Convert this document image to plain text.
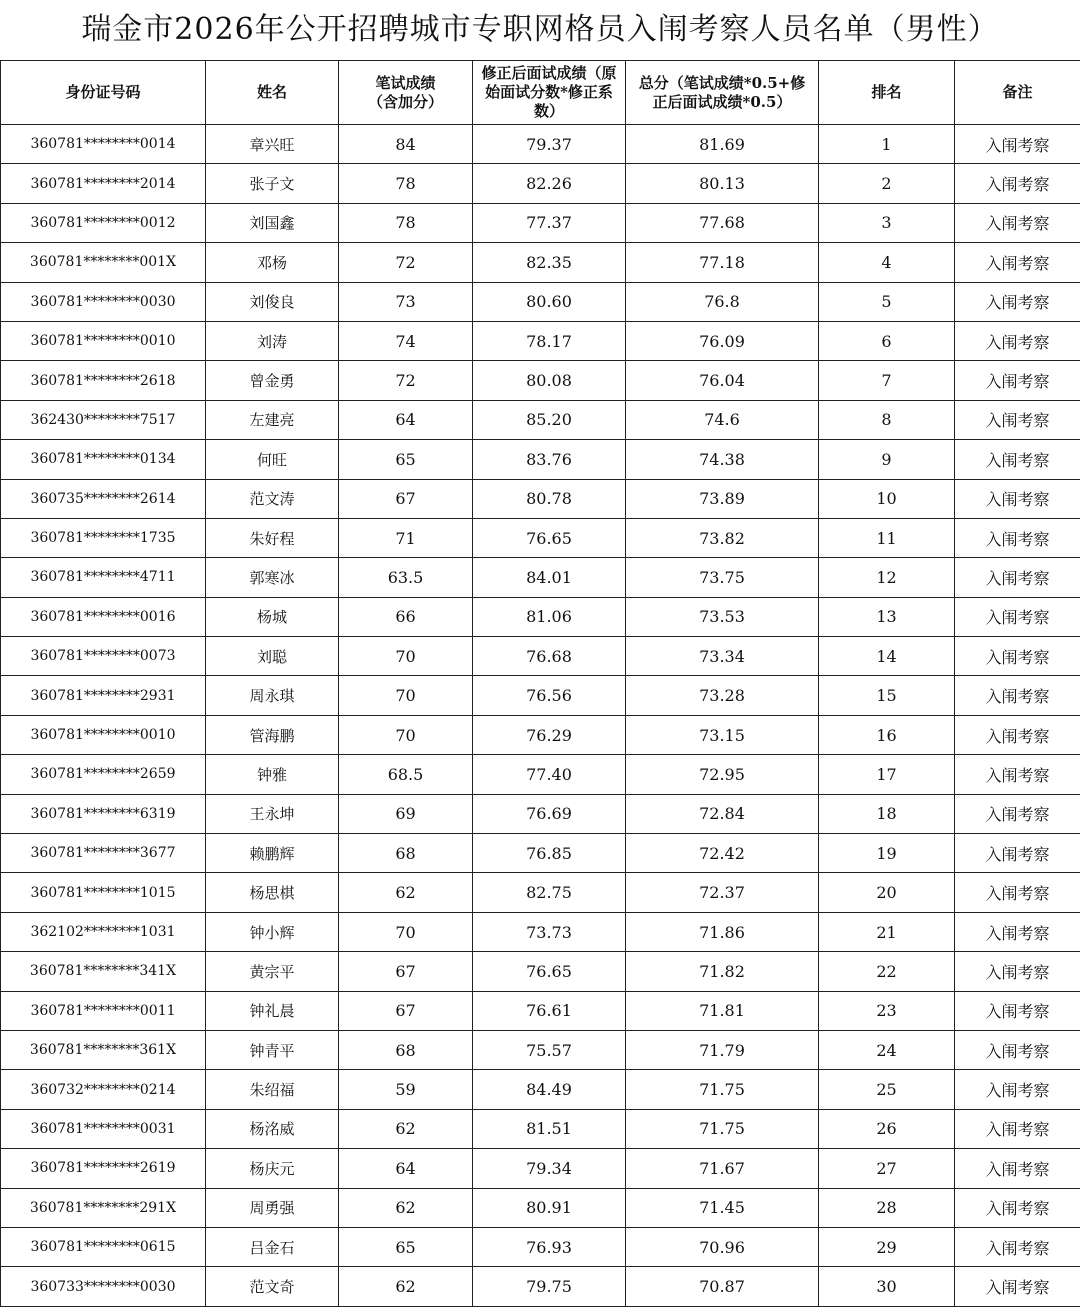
瑞金市2026年公开招聘城市专职网格员入闱考察人员名单（男性）
身份证号码	姓名	笔试成绩（含加分）	修正后面试成绩（原始面试分数*修正系数）	总分（笔试成绩*0.5+修正后面试成绩*0.5）	排名	备注
360781********0014	章兴旺	84	79.37	81.69	1	入闱考察
360781********2014	张子文	78	82.26	80.13	2	入闱考察
360781********0012	刘国鑫	78	77.37	77.68	3	入闱考察
360781********001X	邓杨	72	82.35	77.18	4	入闱考察
360781********0030	刘俊良	73	80.60	76.8	5	入闱考察
360781********0010	刘涛	74	78.17	76.09	6	入闱考察
360781********2618	曾金勇	72	80.08	76.04	7	入闱考察
362430********7517	左建亮	64	85.20	74.6	8	入闱考察
360781********0134	何旺	65	83.76	74.38	9	入闱考察
360735********2614	范文涛	67	80.78	73.89	10	入闱考察
360781********1735	朱好程	71	76.65	73.82	11	入闱考察
360781********4711	郭寒冰	63.5	84.01	73.75	12	入闱考察
360781********0016	杨城	66	81.06	73.53	13	入闱考察
360781********0073	刘聪	70	76.68	73.34	14	入闱考察
360781********2931	周永琪	70	76.56	73.28	15	入闱考察
360781********0010	管海鹏	70	76.29	73.15	16	入闱考察
360781********2659	钟雅	68.5	77.40	72.95	17	入闱考察
360781********6319	王永坤	69	76.69	72.84	18	入闱考察
360781********3677	赖鹏辉	68	76.85	72.42	19	入闱考察
360781********1015	杨思棋	62	82.75	72.37	20	入闱考察
362102********1031	钟小辉	70	73.73	71.86	21	入闱考察
360781********341X	黄宗平	67	76.65	71.82	22	入闱考察
360781********0011	钟礼晨	67	76.61	71.81	23	入闱考察
360781********361X	钟青平	68	75.57	71.79	24	入闱考察
360732********0214	朱绍福	59	84.49	71.75	25	入闱考察
360781********0031	杨洺威	62	81.51	71.75	26	入闱考察
360781********2619	杨庆元	64	79.34	71.67	27	入闱考察
360781********291X	周勇强	62	80.91	71.45	28	入闱考察
360781********0615	吕金石	65	76.93	70.96	29	入闱考察
360733********0030	范文奇	62	79.75	70.87	30	入闱考察
